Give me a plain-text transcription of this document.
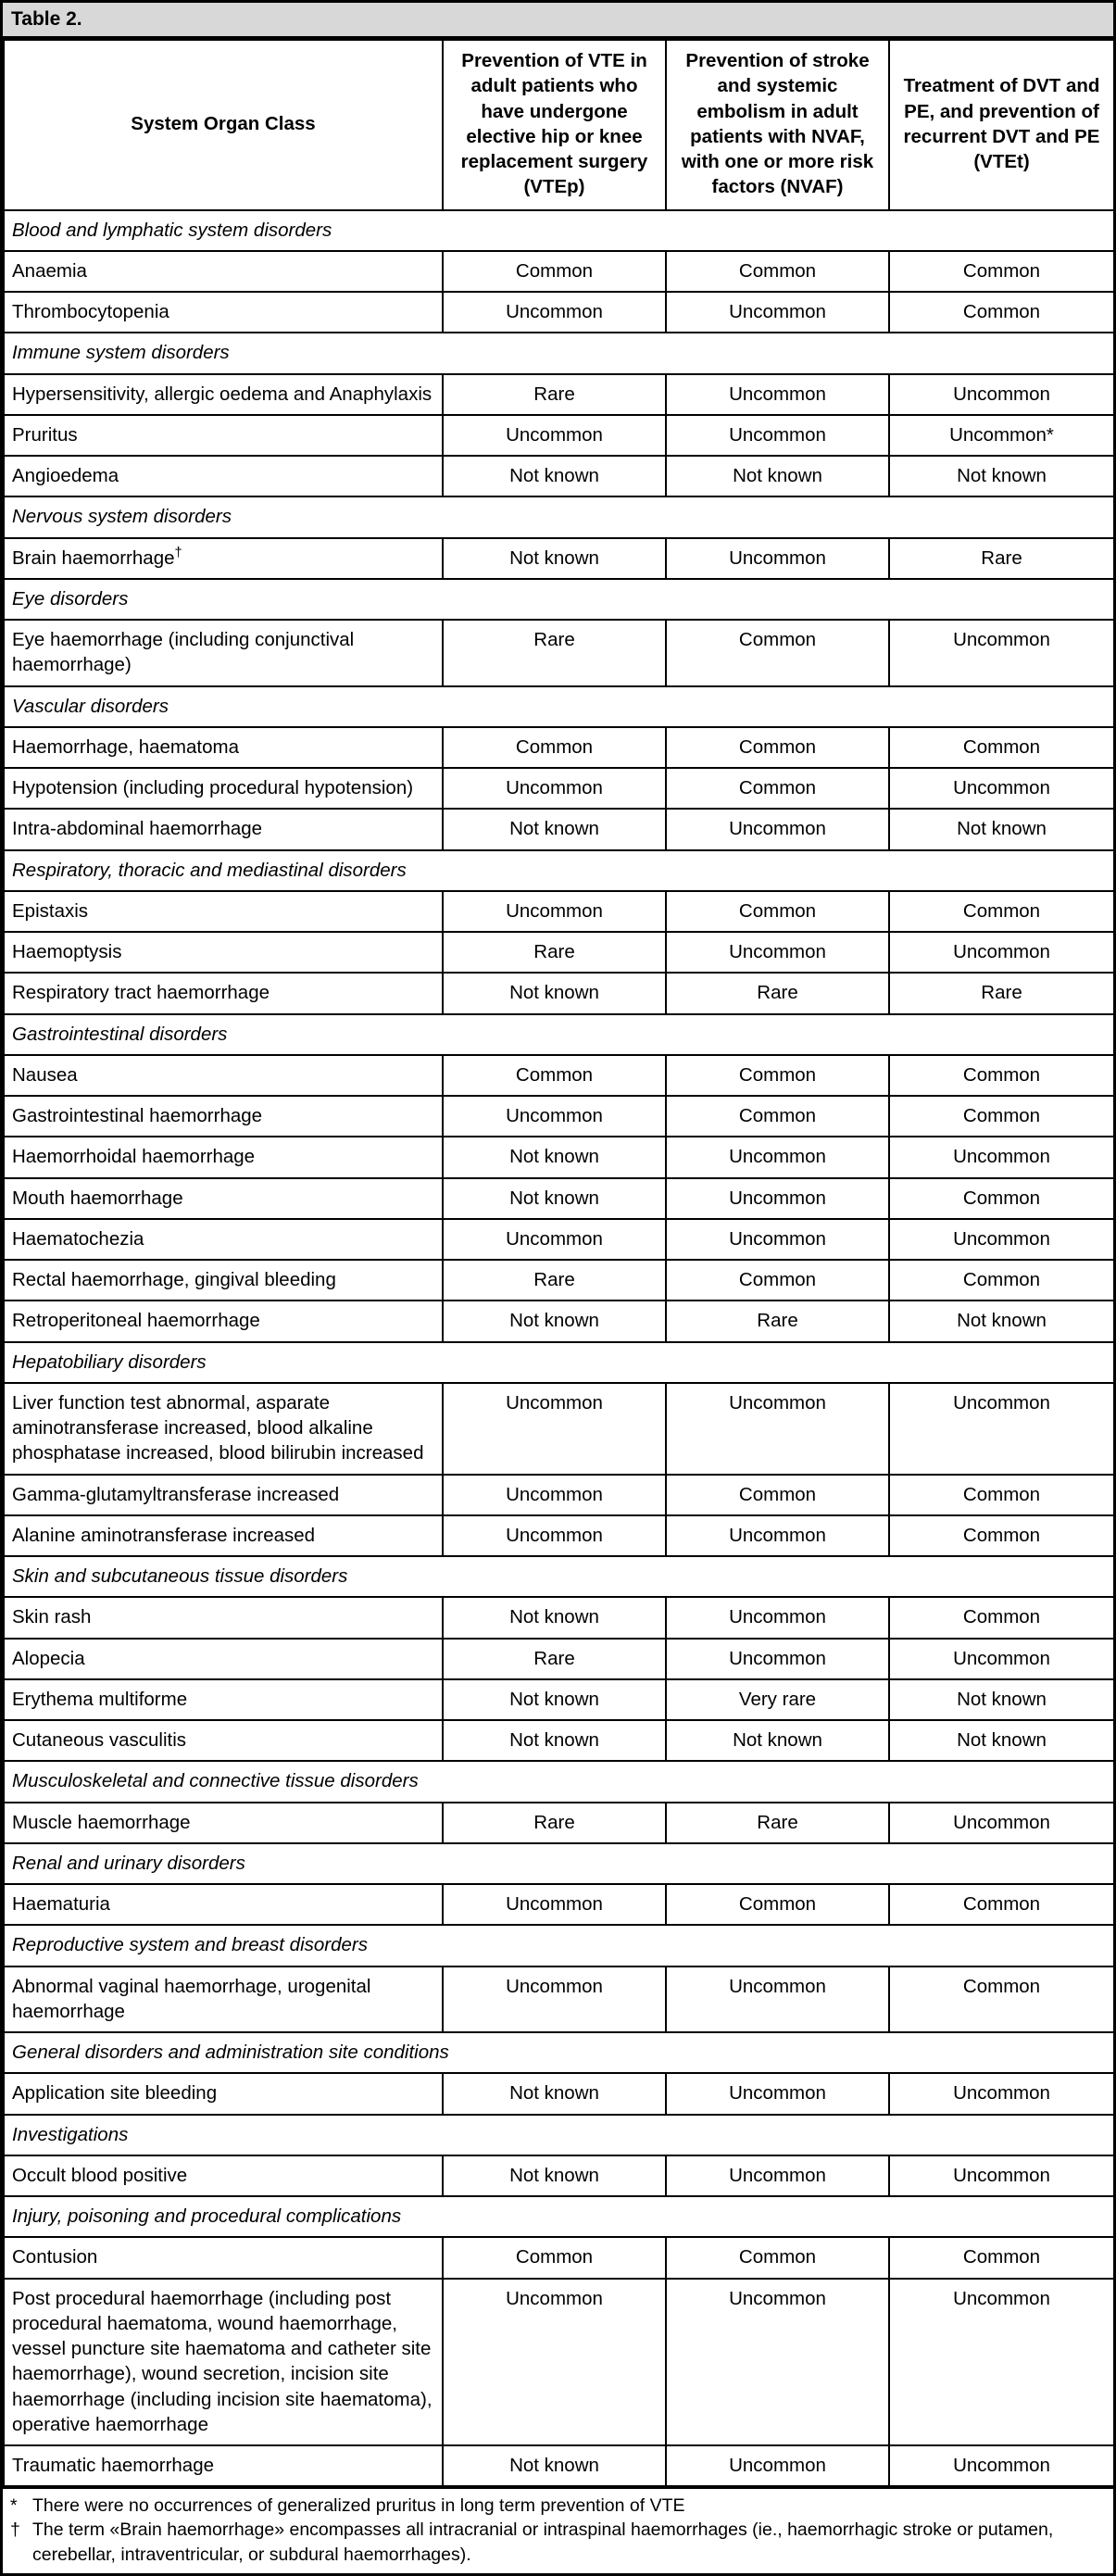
Table 2.
System Organ Class	Prevention of VTE in adult patients who have undergone elective hip or knee replacement surgery (VTEp)	Prevention of stroke and systemic embolism in adult patients with NVAF, with one or more risk factors (NVAF)	Treatment of DVT and PE, and prevention of recurrent DVT and PE (VTEt)
Blood and lymphatic system disorders			
Anaemia	Common	Common	Common
Thrombocytopenia	Uncommon	Uncommon	Common
Immune system disorders			
Hypersensitivity, allergic oedema and Anaphylaxis	Rare	Uncommon	Uncommon
Pruritus	Uncommon	Uncommon	Uncommon*
Angioedema	Not known	Not known	Not known
Nervous system disorders			
Brain haemorrhage†	Not known	Uncommon	Rare
Eye disorders			
Eye haemorrhage (including conjunctival haemorrhage)	Rare	Common	Uncommon
Vascular disorders			
Haemorrhage, haematoma	Common	Common	Common
Hypotension (including procedural hypotension)	Uncommon	Common	Uncommon
Intra-abdominal haemorrhage	Not known	Uncommon	Not known
Respiratory, thoracic and mediastinal disorders			
Epistaxis	Uncommon	Common	Common
Haemoptysis	Rare	Uncommon	Uncommon
Respiratory tract haemorrhage	Not known	Rare	Rare
Gastrointestinal disorders			
Nausea	Common	Common	Common
Gastrointestinal haemorrhage	Uncommon	Common	Common
Haemorrhoidal haemorrhage	Not known	Uncommon	Uncommon
Mouth haemorrhage	Not known	Uncommon	Common
Haematochezia	Uncommon	Uncommon	Uncommon
Rectal haemorrhage, gingival bleeding	Rare	Common	Common
Retroperitoneal haemorrhage	Not known	Rare	Not known
Hepatobiliary disorders			
Liver function test abnormal, asparate aminotransferase increased, blood alkaline phosphatase increased, blood bilirubin increased	Uncommon	Uncommon	Uncommon
Gamma-glutamyltransferase increased	Uncommon	Common	Common
Alanine aminotransferase increased	Uncommon	Uncommon	Common
Skin and subcutaneous tissue disorders			
Skin rash	Not known	Uncommon	Common
Alopecia	Rare	Uncommon	Uncommon
Erythema multiforme	Not known	Very rare	Not known
Cutaneous vasculitis	Not known	Not known	Not known
Musculoskeletal and connective tissue disorders			
Muscle haemorrhage	Rare	Rare	Uncommon
Renal and urinary disorders			
Haematuria	Uncommon	Common	Common
Reproductive system and breast disorders			
Abnormal vaginal haemorrhage, urogenital haemorrhage	Uncommon	Uncommon	Common
General disorders and administration site conditions			
Application site bleeding	Not known	Uncommon	Uncommon
Investigations			
Occult blood positive	Not known	Uncommon	Uncommon
Injury, poisoning and procedural complications			
Contusion	Common	Common	Common
Post procedural haemorrhage (including post procedural haematoma, wound haemorrhage, vessel puncture site haematoma and catheter site haemorrhage), wound secretion, incision site haemorrhage (including incision site haematoma), operative haemorrhage	Uncommon	Uncommon	Uncommon
Traumatic haemorrhage	Not known	Uncommon	Uncommon
* There were no occurrences of generalized pruritus in long term prevention of VTE
† The term «Brain haemorrhage» encompasses all intracranial or intraspinal haemorrhages (ie., haemorrhagic stroke or putamen, cerebellar, intraventricular, or subdural haemorrhages).
